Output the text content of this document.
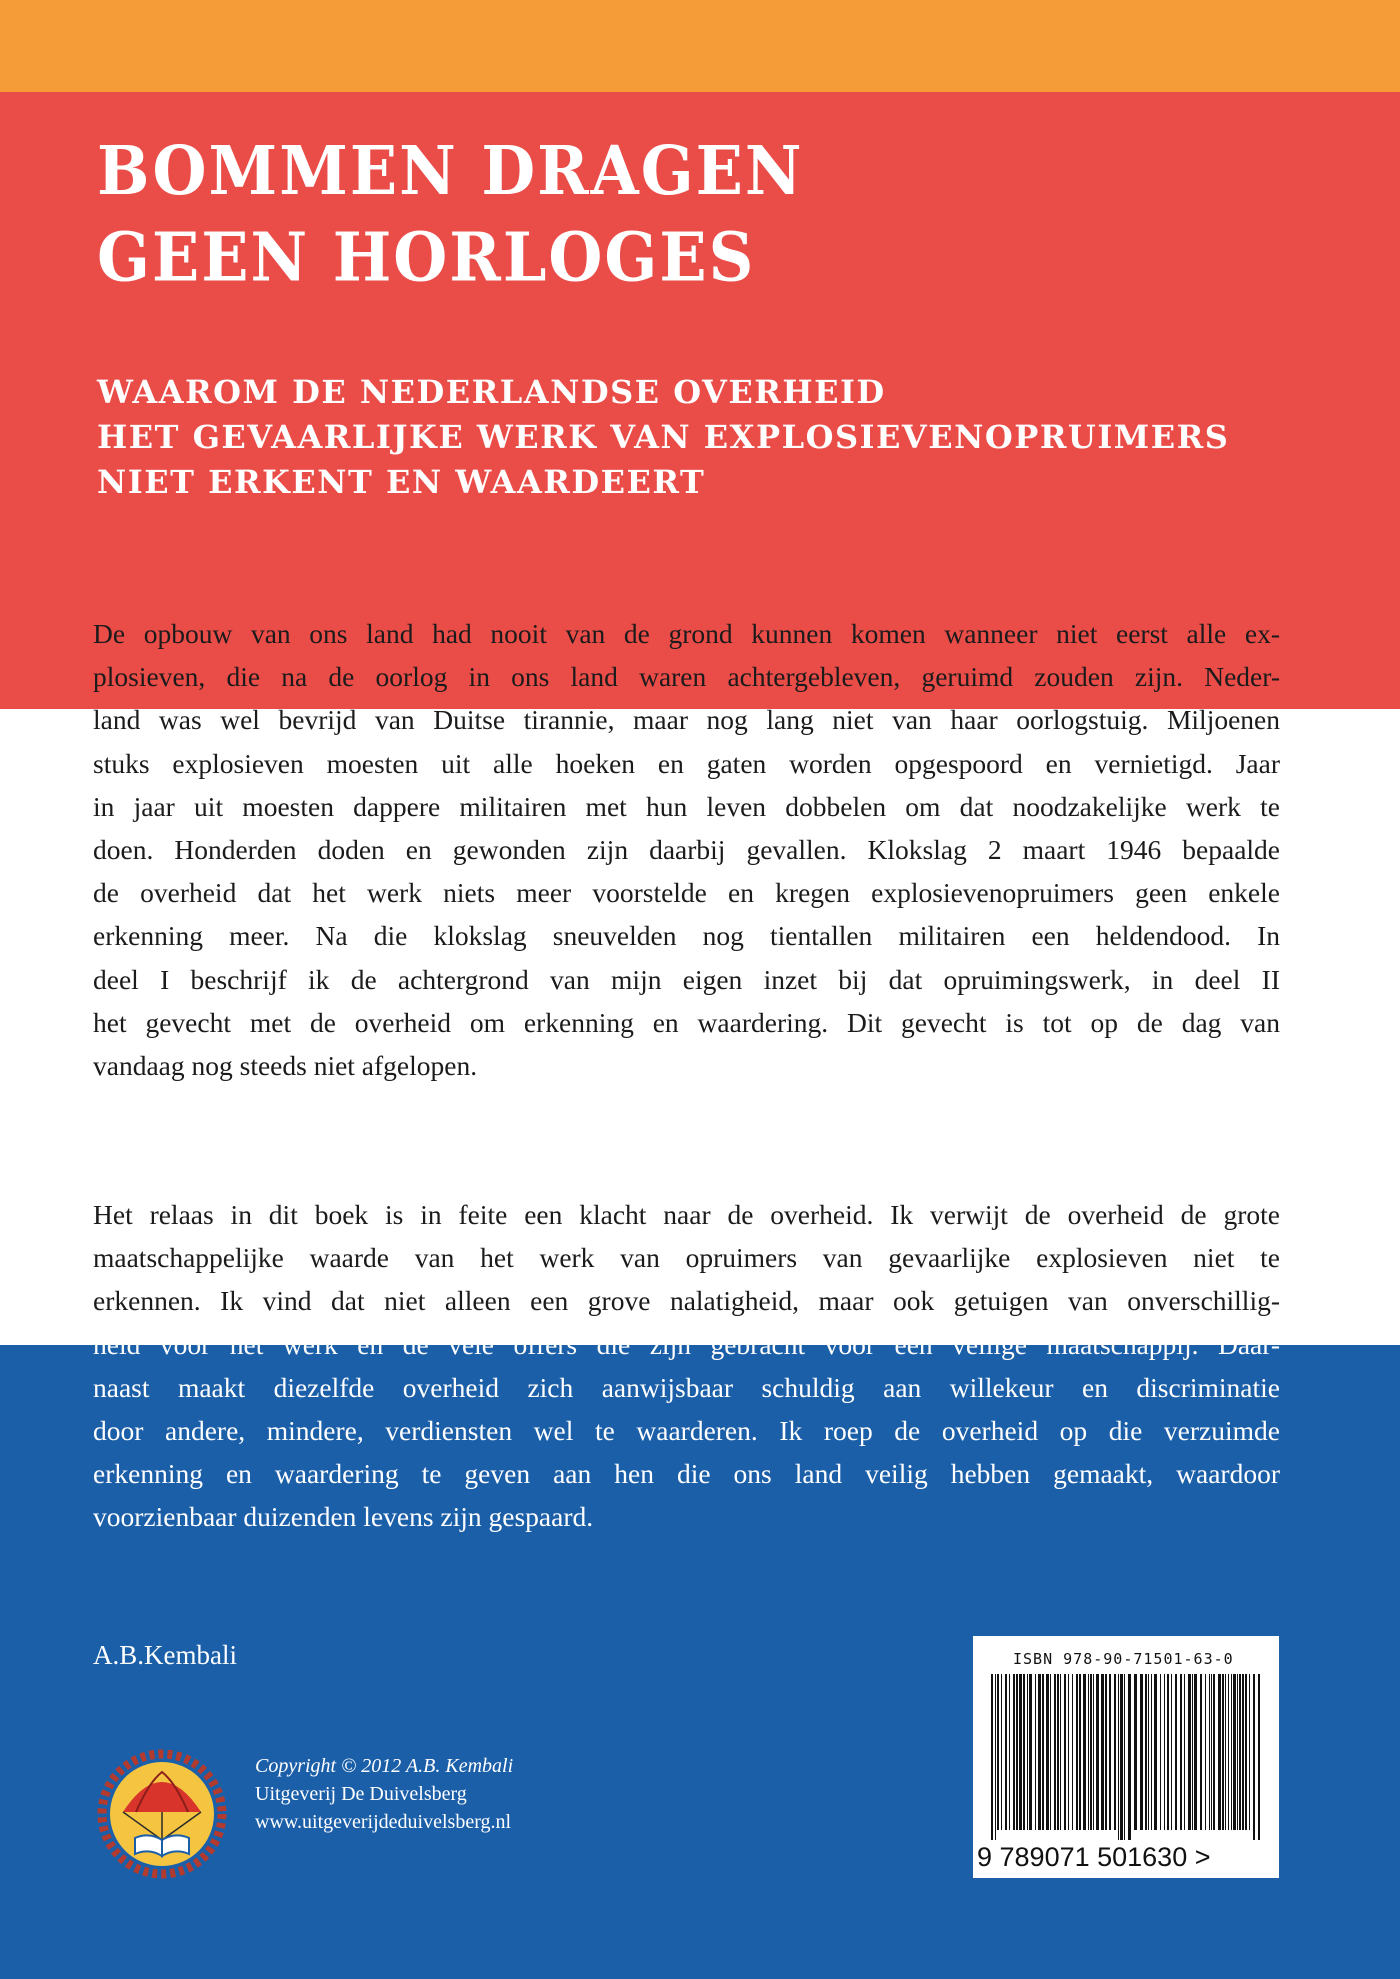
BOMMEN DRAGEN
GEEN HORLOGES
WAAROM DE NEDERLANDSE OVERHEID
HET GEVAARLIJKE WERK VAN EXPLOSIEVENOPRUIMERS
NIET ERKENT EN WAARDEERT
De opbouw van ons land had nooit van de grond kunnen komen wanneer niet eerst alle ex-
plosieven, die na de oorlog in ons land waren achtergebleven, geruimd zouden zijn. Neder-
land was wel bevrijd van Duitse tirannie, maar nog lang niet van haar oorlogstuig. Miljoenen
stuks explosieven moesten uit alle hoeken en gaten worden opgespoord en vernietigd. Jaar
in jaar uit moesten dappere militairen met hun leven dobbelen om dat noodzakelijke werk te
doen. Honderden doden en gewonden zijn daarbij gevallen. Klokslag 2 maart 1946 bepaalde
de overheid dat het werk niets meer voorstelde en kregen explosievenopruimers geen enkele
erkenning meer. Na die klokslag sneuvelden nog tientallen militairen een heldendood. In
deel I beschrijf ik de achtergrond van mijn eigen inzet bij dat opruimingswerk, in deel II
het gevecht met de overheid om erkenning en waardering. Dit gevecht is tot op de dag van
vandaag nog steeds niet afgelopen.
Het relaas in dit boek is in feite een klacht naar de overheid. Ik verwijt de overheid de grote
maatschappelijke waarde van het werk van opruimers van gevaarlijke explosieven niet te
erkennen. Ik vind dat niet alleen een grove nalatigheid, maar ook getuigen van onverschillig-
heid voor het werk en de vele offers die zijn gebracht voor een veilige maatschappij. Daar-
naast maakt diezelfde overheid zich aanwijsbaar schuldig aan willekeur en discriminatie
door andere, mindere, verdiensten wel te waarderen. Ik roep de overheid op die verzuimde
erkenning en waardering te geven aan hen die ons land veilig hebben gemaakt, waardoor
voorzienbaar duizenden levens zijn gespaard.
A.B.Kembali
Copyright © 2012 A.B. Kembali
Uitgeverij De Duivelsberg
www.uitgeverijdeduivelsberg.nl
ISBN 978-90-71501-63-0
9 789071 501630 >
